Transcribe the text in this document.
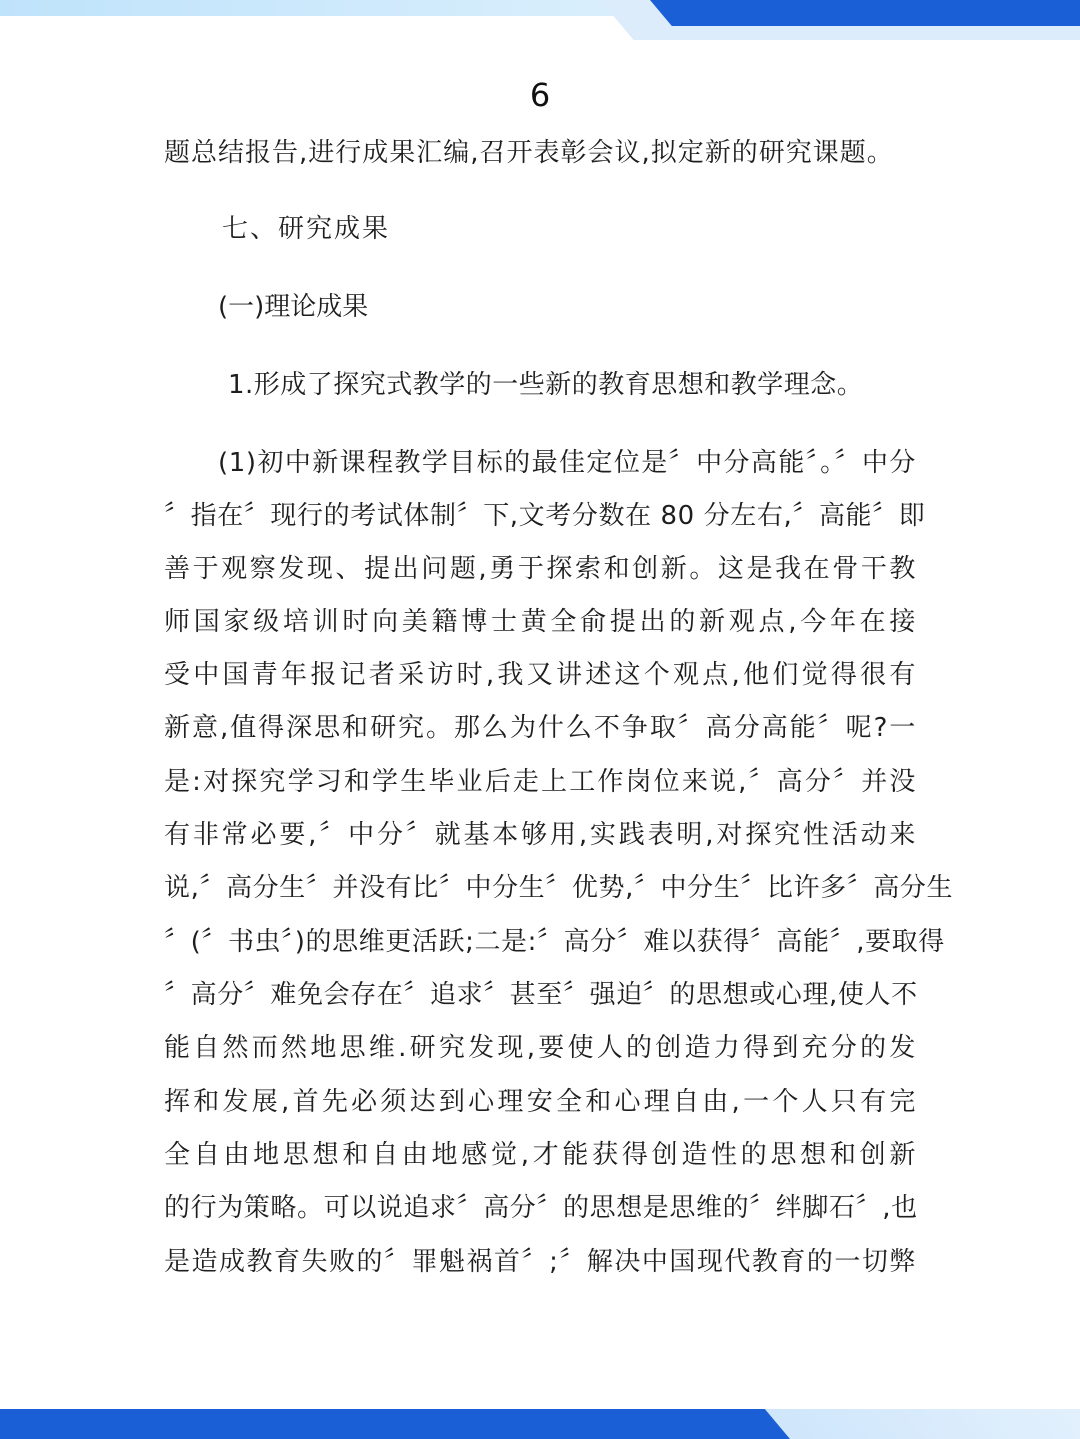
6

题总结报告,进行成果汇编,召开表彰会议,拟定新的研究课题。

七、研究成果

(一)理论成果

1.形成了探究式教学的一些新的教育思想和教学理念。

(1)初中新课程教学目标的最佳定位是〞中分高能〞。〞中分
〞指在〞现行的考试体制〞下,文考分数在 80 分左右,〞高能〞即
善于观察发现、提出问题,勇于探索和创新。这是我在骨干教
师国家级培训时向美籍博士黄全俞提出的新观点,今年在接
受中国青年报记者采访时,我又讲述这个观点,他们觉得很有
新意,值得深思和研究。那么为什么不争取〞高分高能〞呢?一
是:对探究学习和学生毕业后走上工作岗位来说,〞高分〞并没
有非常必要,〞中分〞就基本够用,实践表明,对探究性活动来
说,〞高分生〞并没有比〞中分生〞优势,〞中分生〞比许多〞高分生
〞(〞书虫〞)的思维更活跃;二是:〞高分〞难以获得〞高能〞,要取得
〞高分〞难免会存在〞追求〞甚至〞强迫〞的思想或心理,使人不
能自然而然地思维.研究发现,要使人的创造力得到充分的发
挥和发展,首先必须达到心理安全和心理自由,一个人只有完
全自由地思想和自由地感觉,才能获得创造性的思想和创新
的行为策略。可以说追求〞高分〞的思想是思维的〞绊脚石〞,也
是造成教育失败的〞罪魁祸首〞;〞解决中国现代教育的一切弊
